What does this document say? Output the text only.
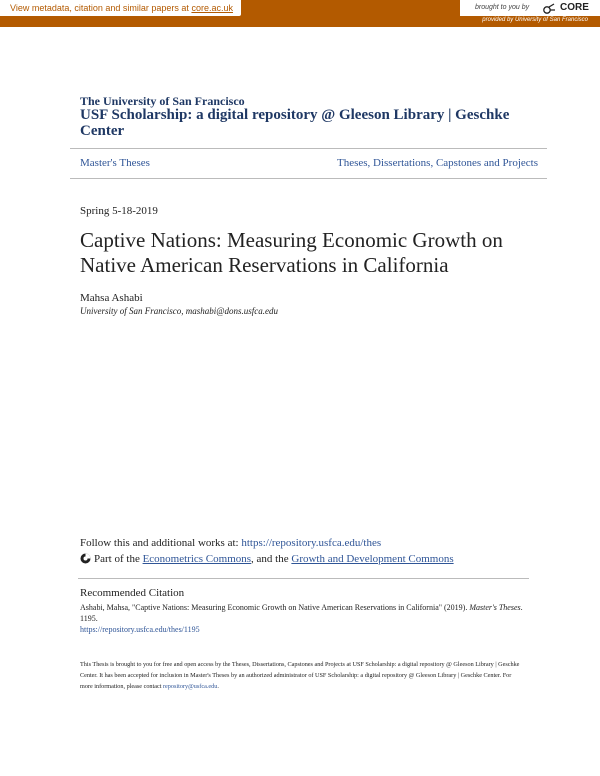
View metadata, citation and similar papers at core.ac.uk	brought to you by	CORE
provided by University of San Francisco
The University of San Francisco
USF Scholarship: a digital repository @ Gleeson Library | Geschke Center
Master's Theses	Theses, Dissertations, Capstones and Projects
Spring 5-18-2019
Captive Nations: Measuring Economic Growth on Native American Reservations in California
Mahsa Ashabi
University of San Francisco, mashabi@dons.usfca.edu
Follow this and additional works at: https://repository.usfca.edu/thes
Part of the Econometrics Commons, and the Growth and Development Commons
Recommended Citation
Ashabi, Mahsa, "Captive Nations: Measuring Economic Growth on Native American Reservations in California" (2019). Master's Theses. 1195.
https://repository.usfca.edu/thes/1195
This Thesis is brought to you for free and open access by the Theses, Dissertations, Capstones and Projects at USF Scholarship: a digital repository @ Gleeson Library | Geschke Center. It has been accepted for inclusion in Master's Theses by an authorized administrator of USF Scholarship: a digital repository @ Gleeson Library | Geschke Center. For more information, please contact repository@usfca.edu.
